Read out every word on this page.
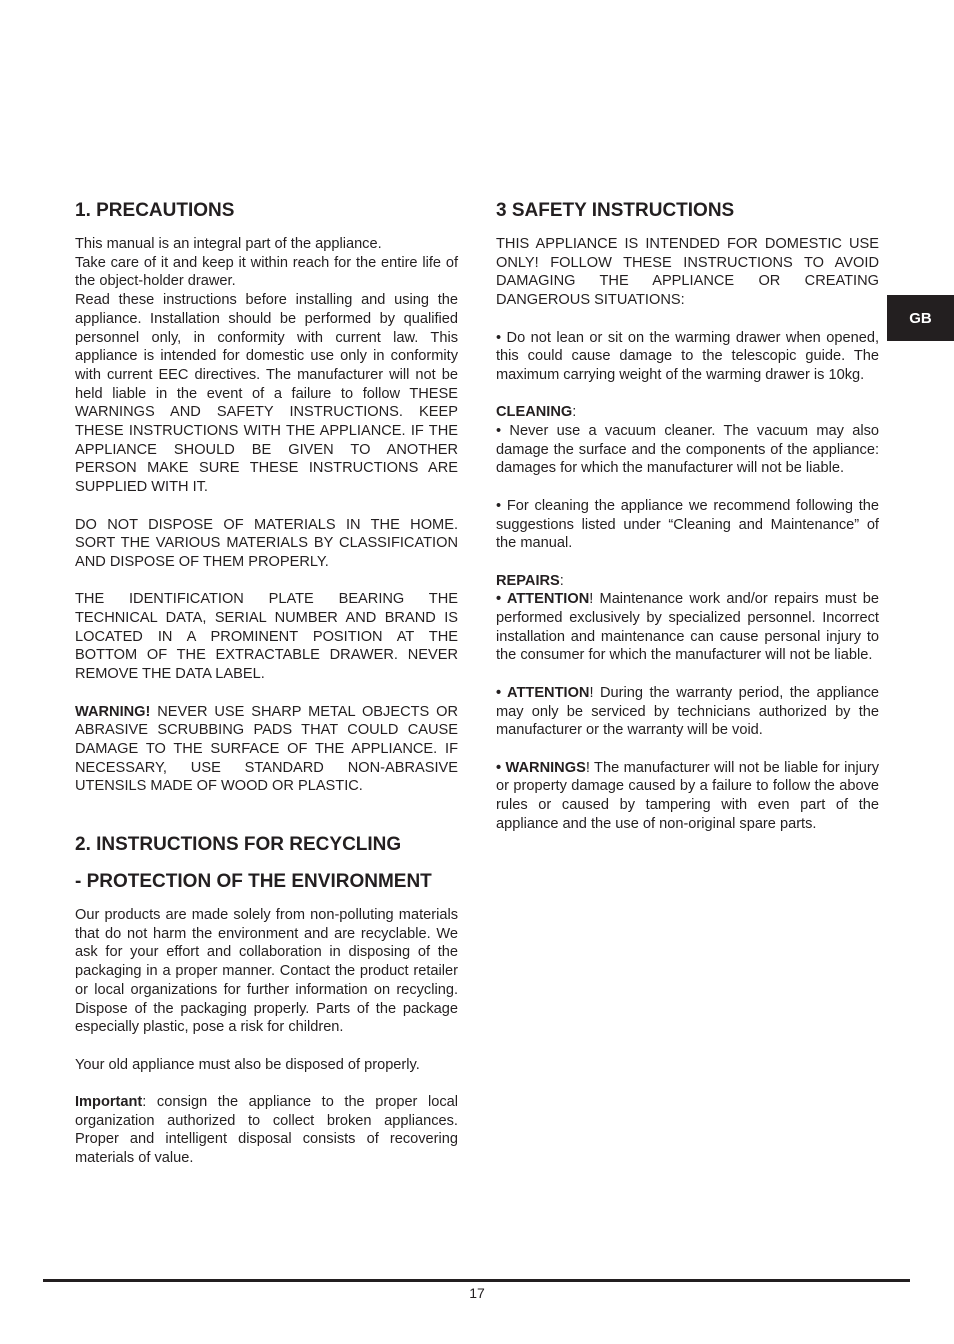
1. PRECAUTIONS

This manual is an integral part of the appliance.

Take care of it and keep it within reach for the entire life of the object-holder drawer.

Read these instructions before installing and using the appliance. Installation should be performed by qualified personnel only, in conformity with current law. This appliance is intended for domestic use only in conformity with current EEC directives. The manufacturer will not be held liable in the event of a failure to follow THESE WARNINGS AND SAFETY INSTRUCTIONS. KEEP THESE INSTRUCTIONS WITH THE APPLIANCE. IF THE APPLIANCE SHOULD BE GIVEN TO ANOTHER PERSON MAKE SURE THESE INSTRUCTIONS ARE SUPPLIED WITH IT.

DO NOT DISPOSE OF MATERIALS IN THE HOME. SORT THE VARIOUS MATERIALS BY CLASSIFICATION AND DISPOSE OF THEM PROPERLY.

THE IDENTIFICATION PLATE BEARING THE TECHNICAL DATA, SERIAL NUMBER AND BRAND IS LOCATED IN A PROMINENT POSITION AT THE BOTTOM OF THE EXTRACTABLE DRAWER. NEVER REMOVE THE DATA LABEL.

WARNING! NEVER USE SHARP METAL OBJECTS OR ABRASIVE SCRUBBING PADS THAT COULD CAUSE DAMAGE TO THE SURFACE OF THE APPLIANCE. IF NECESSARY, USE STANDARD NON-ABRASIVE UTENSILS MADE OF WOOD OR PLASTIC.

2. INSTRUCTIONS FOR RECYCLING
- PROTECTION OF THE ENVIRONMENT

Our products are made solely from non-polluting materials that do not harm the environment and are recyclable. We ask for your effort and collaboration in disposing of the packaging in a proper manner. Contact the product retailer or local organizations for further information on recycling. Dispose of the packaging properly. Parts of the package especially plastic, pose a risk for children.

Your old appliance must also be disposed of properly.

Important: consign the appliance to the proper local organization authorized to collect broken appliances. Proper and intelligent disposal consists of recovering materials of value.

3 SAFETY INSTRUCTIONS

THIS APPLIANCE IS INTENDED FOR DOMESTIC USE ONLY! FOLLOW THESE INSTRUCTIONS TO AVOID DAMAGING THE APPLIANCE OR CREATING DANGEROUS SITUATIONS:

• Do not lean or sit on the warming drawer when opened, this could cause damage to the telescopic guide. The maximum carrying weight of the warming drawer is 10kg.

CLEANING:

• Never use a vacuum cleaner. The vacuum may also damage the surface and the components of the appliance: damages for which the manufacturer will not be liable.

• For cleaning the appliance we recommend following the suggestions listed under “Cleaning and Maintenance” of the manual.

REPAIRS:

• ATTENTION! Maintenance work and/or repairs must be performed exclusively by specialized personnel. Incorrect installation and maintenance can cause personal injury to the consumer for which the manufacturer will not be liable.

• ATTENTION! During the warranty period, the appliance may only be serviced by technicians authorized by the manufacturer or the warranty will be void.

• WARNINGS! The manufacturer will not be liable for injury or property damage caused by a failure to follow the above rules or caused by tampering with even part of the appliance and the use of non-original spare parts.

GB
17
